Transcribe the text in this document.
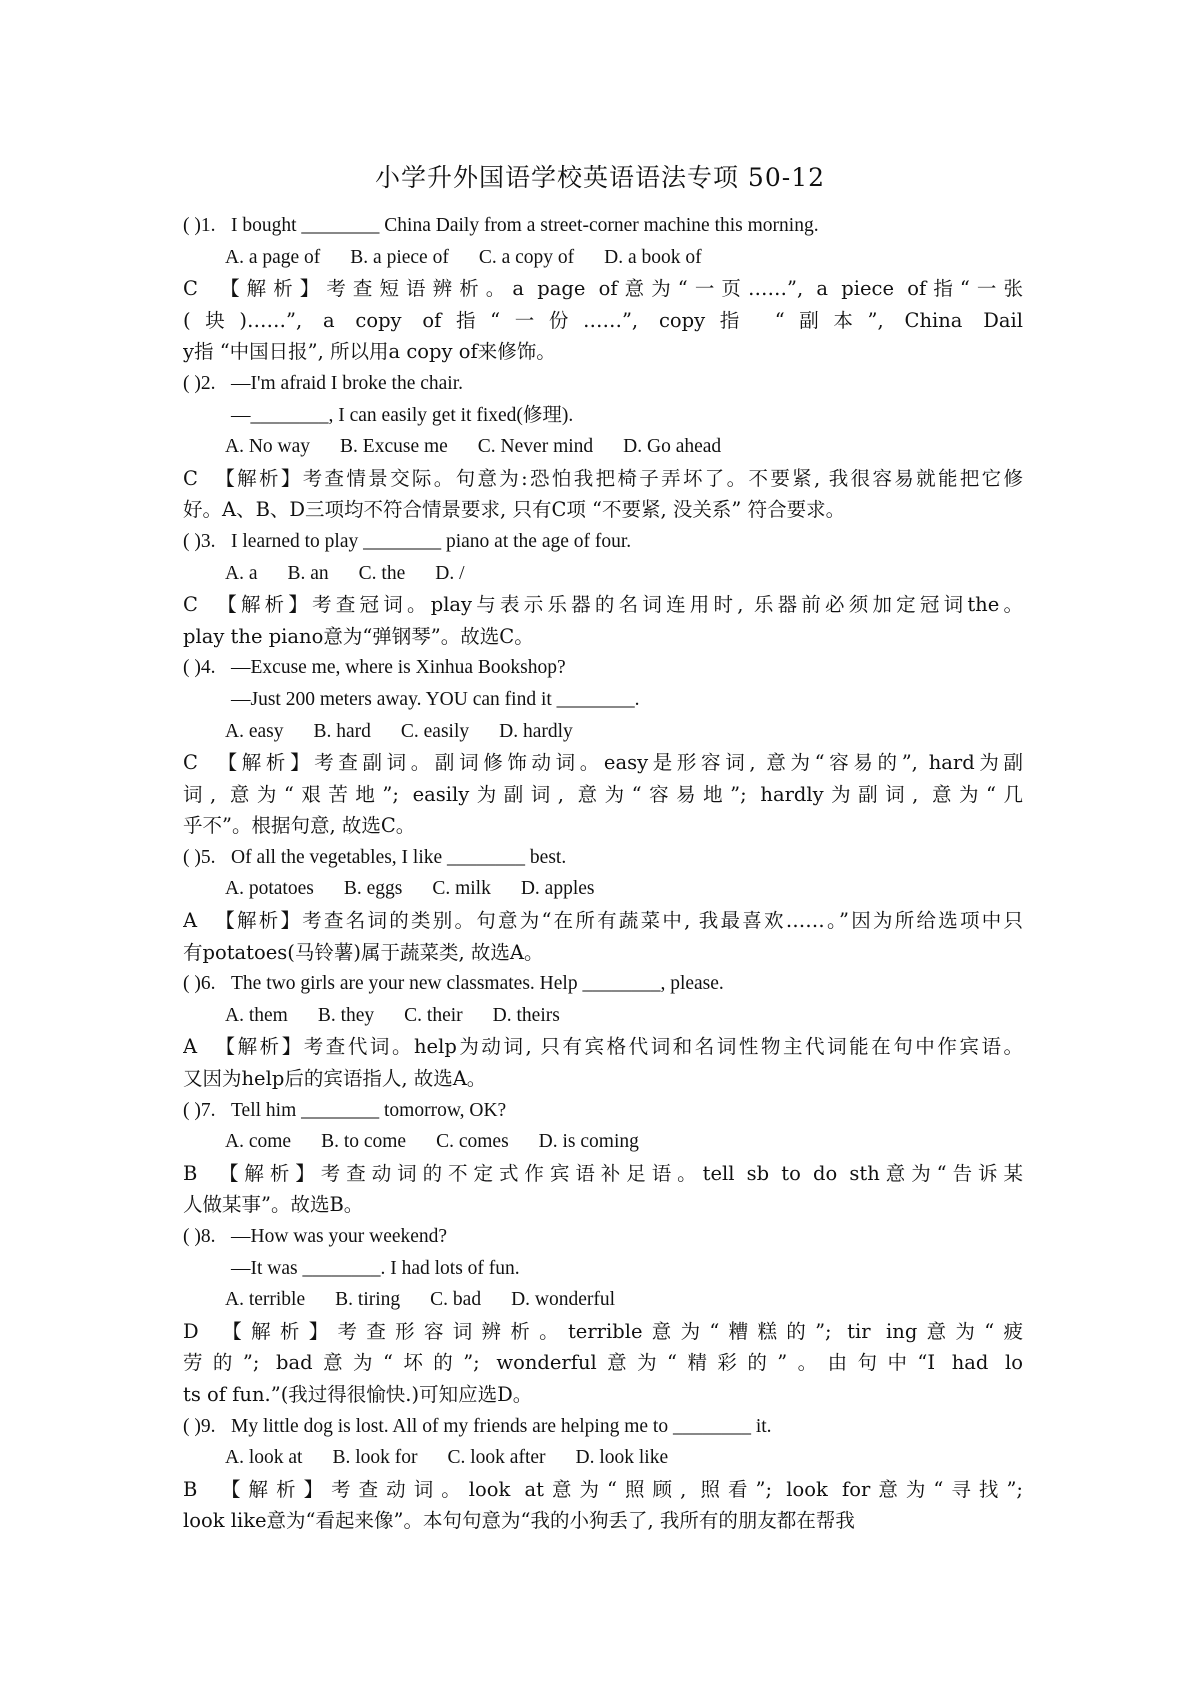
小学升外国语学校英语语法专项 50-12
( )1. I bought ________ China Daily from a street-corner machine this morning.
A. a page of B. a piece of C. a copy of D. a book of
C 【解析】考查短语辨析。a page of意为“一页……”, a piece of指“一张
(块)……”, a copy of指“一份……”, copy指 “副本”, China Dail
y指 “中国日报”, 所以用a copy of来修饰。
( )2. —I'm afraid I broke the chair.
—________, I can easily get it fixed(修理).
A. No way B. Excuse me C. Never mind D. Go ahead
C 【解析】考查情景交际。句意为:恐怕我把椅子弄坏了。不要紧, 我很容易就能把它修
好。A、B、D三项均不符合情景要求, 只有C项 “不要紧, 没关系” 符合要求。
( )3. I learned to play ________ piano at the age of four.
A. a B. an C. the D. /
C 【解析】考查冠词。play与表示乐器的名词连用时, 乐器前必须加定冠词the。
play the piano意为“弹钢琴”。故选C。
( )4. —Excuse me, where is Xinhua Bookshop?
—Just 200 meters away. YOU can find it ________.
A. easy B. hard C. easily D. hardly
C 【解析】考查副词。副词修饰动词。easy是形容词, 意为“容易的”, hard为副
词, 意为“艰苦地”; easily为副词, 意为“容易地”; hardly为副词, 意为“几
乎不”。根据句意, 故选C。
( )5. Of all the vegetables, I like ________ best.
A. potatoes B. eggs C. milk D. apples
A 【解析】考查名词的类别。句意为“在所有蔬菜中, 我最喜欢……。”因为所给选项中只
有potatoes(马铃薯)属于蔬菜类, 故选A。
( )6. The two girls are your new classmates. Help ________, please.
A. them B. they C. their D. theirs
A 【解析】考查代词。help为动词, 只有宾格代词和名词性物主代词能在句中作宾语。
又因为help后的宾语指人, 故选A。
( )7. Tell him ________ tomorrow, OK?
A. come B. to come C. comes D. is coming
B 【解析】考查动词的不定式作宾语补足语。tell sb to do sth意为“告诉某
人做某事”。故选B。
( )8. —How was your weekend?
—It was ________. I had lots of fun.
A. terrible B. tiring C. bad D. wonderful
D 【解析】考查形容词辨析。terrible意为“糟糕的”; tir ing意为“疲
劳的”; bad意为“坏的”; wonderful意为“精彩的”。由句中“I had lo
ts of fun.”(我过得很愉快.)可知应选D。
( )9. My little dog is lost. All of my friends are helping me to ________ it.
A. look at B. look for C. look after D. look like
B 【解析】考查动词。look at意为“照顾, 照看”; look for意为“寻找”;
look like意为“看起来像”。本句句意为“我的小狗丢了, 我所有的朋友都在帮我
